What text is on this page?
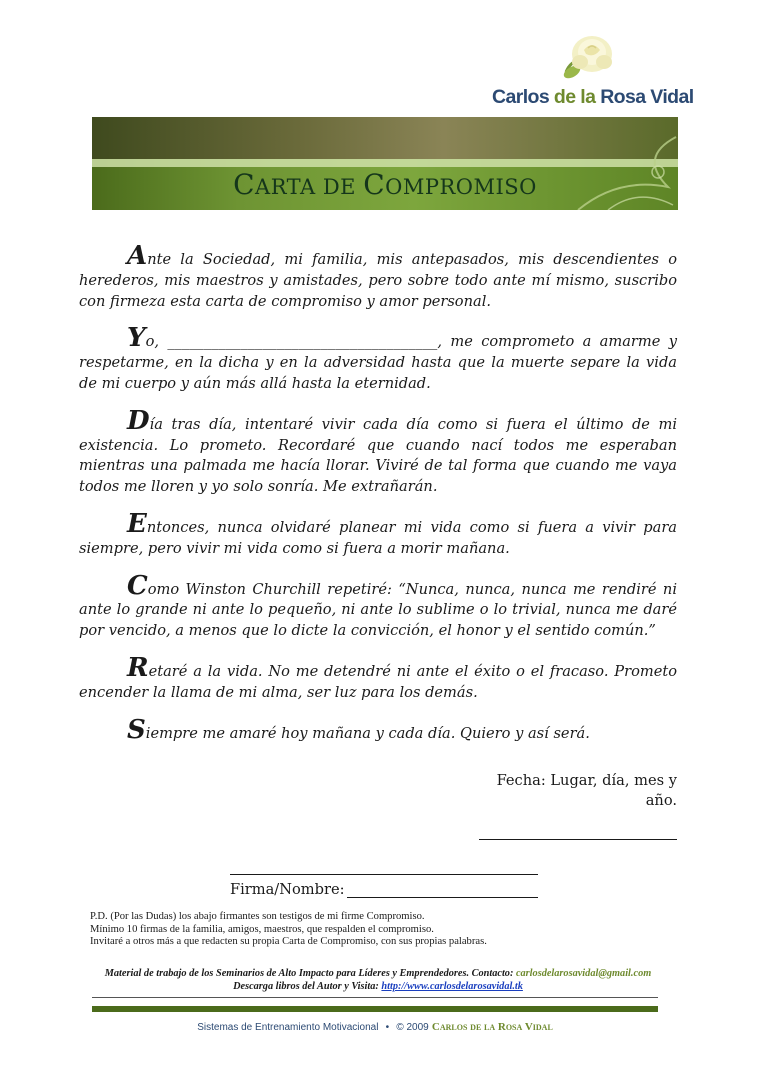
Carlos de la Rosa Vidal
CARTA DE COMPROMISO

Ante la Sociedad, mi familia, mis antepasados, mis descendientes o herederos, mis maestros y amistades, pero sobre todo ante mí mismo, suscribo con firmeza esta carta de compromiso y amor personal.

Yo, _____________________________________, me comprometo a amarme y respetarme, en la dicha y en la adversidad hasta que la muerte separe la vida de mi cuerpo y aún más allá hasta la eternidad.

Día tras día, intentaré vivir cada día como si fuera el último de mi existencia. Lo prometo. Recordaré que cuando nací todos me esperaban mientras una palmada me hacía llorar. Viviré de tal forma que cuando me vaya todos me lloren y yo solo sonría. Me extrañarán.

Entonces, nunca olvidaré planear mi vida como si fuera a vivir para siempre, pero vivir mi vida como si fuera a morir mañana.

Como Winston Churchill repetiré: “Nunca, nunca, nunca me rendiré ni ante lo grande ni ante lo pequeño, ni ante lo sublime o lo trivial, nunca me daré por vencido, a menos que lo dicte la convicción, el honor y el sentido común.”

Retaré a la vida. No me detendré ni ante el éxito o el fracaso. Prometo encender la llama de mi alma, ser luz para los demás.

Siempre me amaré hoy mañana y cada día. Quiero y así será.

Fecha: Lugar, día, mes y año.
Firma/Nombre:
P.D. (Por las Dudas) los abajo firmantes son testigos de mi firme Compromiso.
Mínimo 10 firmas de la familia, amigos, maestros, que respalden el compromiso.
Invitaré a otros más a que redacten su propia Carta de Compromiso, con sus propias palabras.
Material de trabajo de los Seminarios de Alto Impacto para Líderes y Emprendedores. Contacto: carlosdelarosavidal@gmail.com
Descarga libros del Autor y Visita: http://www.carlosdelarosavidal.tk
Sistemas de Entrenamiento Motivacional • © 2009 Carlos de la Rosa Vidal
